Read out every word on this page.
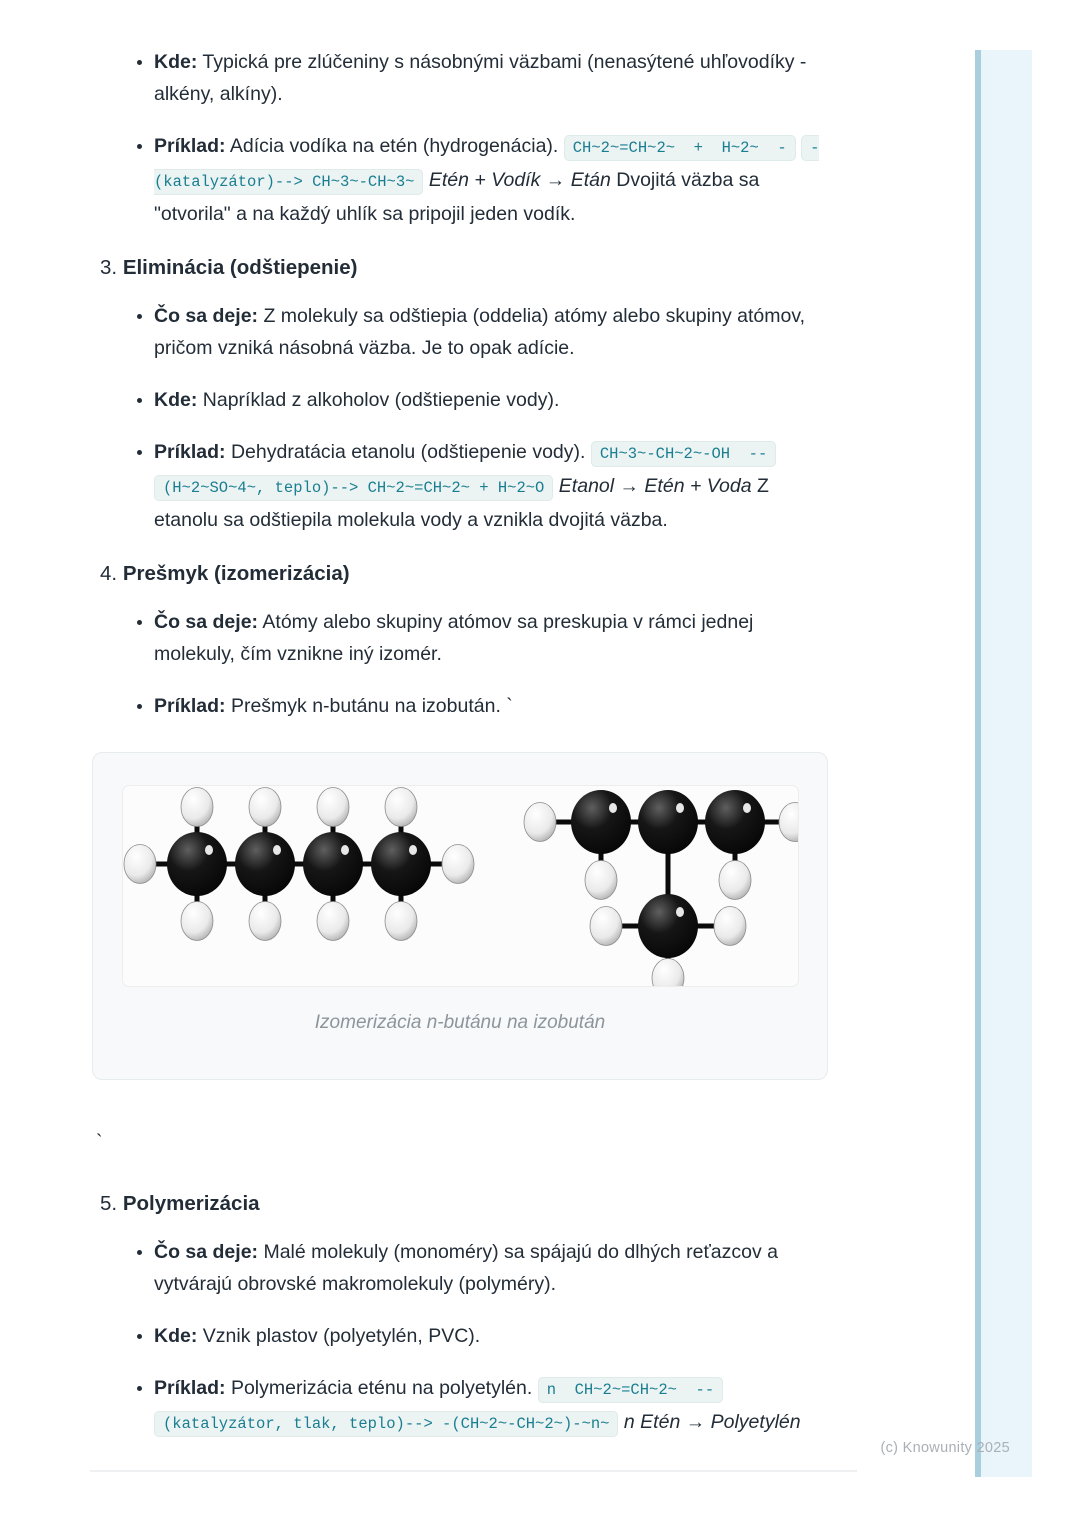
• Kde: Typická pre zlúčeniny s násobnými väzbami (nenasýtené uhľovodíky - alkény, alkíny).
• Príklad: Adícia vodíka na etén (hydrogenácia). CH~2~=CH~2~  +  H~2~  - -(katalyzátor)--> CH~3~-CH~3~ Etén + Vodík → Etán Dvojitá väzba sa "otvorila" a na každý uhlík sa pripojil jeden vodík.
3. Eliminácia (odštiepenie)
• Čo sa deje: Z molekuly sa odštiepia (oddelia) atómy alebo skupiny atómov, pričom vzniká násobná väzba. Je to opak adície.
• Kde: Napríklad z alkoholov (odštiepenie vody).
• Príklad: Dehydratácia etanolu (odštiepenie vody). CH~3~-CH~2~-OH  -- (H~2~SO~4~, teplo)--> CH~2~=CH~2~ + H~2~O Etanol → Etén + Voda Z etanolu sa odštiepila molekula vody a vznikla dvojitá väzba.
4. Prešmyk (izomerizácia)
• Čo sa deje: Atómy alebo skupiny atómov sa preskupia v rámci jednej molekuly, čím vznikne iný izomér.
• Príklad: Prešmyk n-butánu na izobután. `
Izomerizácia n-butánu na izobután
`
5. Polymerizácia
• Čo sa deje: Malé molekuly (monoméry) sa spájajú do dlhých reťazcov a vytvárajú obrovské makromolekuly (polyméry).
• Kde: Vznik plastov (polyetylén, PVC).
• Príklad: Polymerizácia eténu na polyetylén. n  CH~2~=CH~2~  -- (katalyzátor, tlak, teplo)--> -(CH~2~-CH~2~)-~n~ n Etén → Polyetylén
(c) Knowunity 2025
